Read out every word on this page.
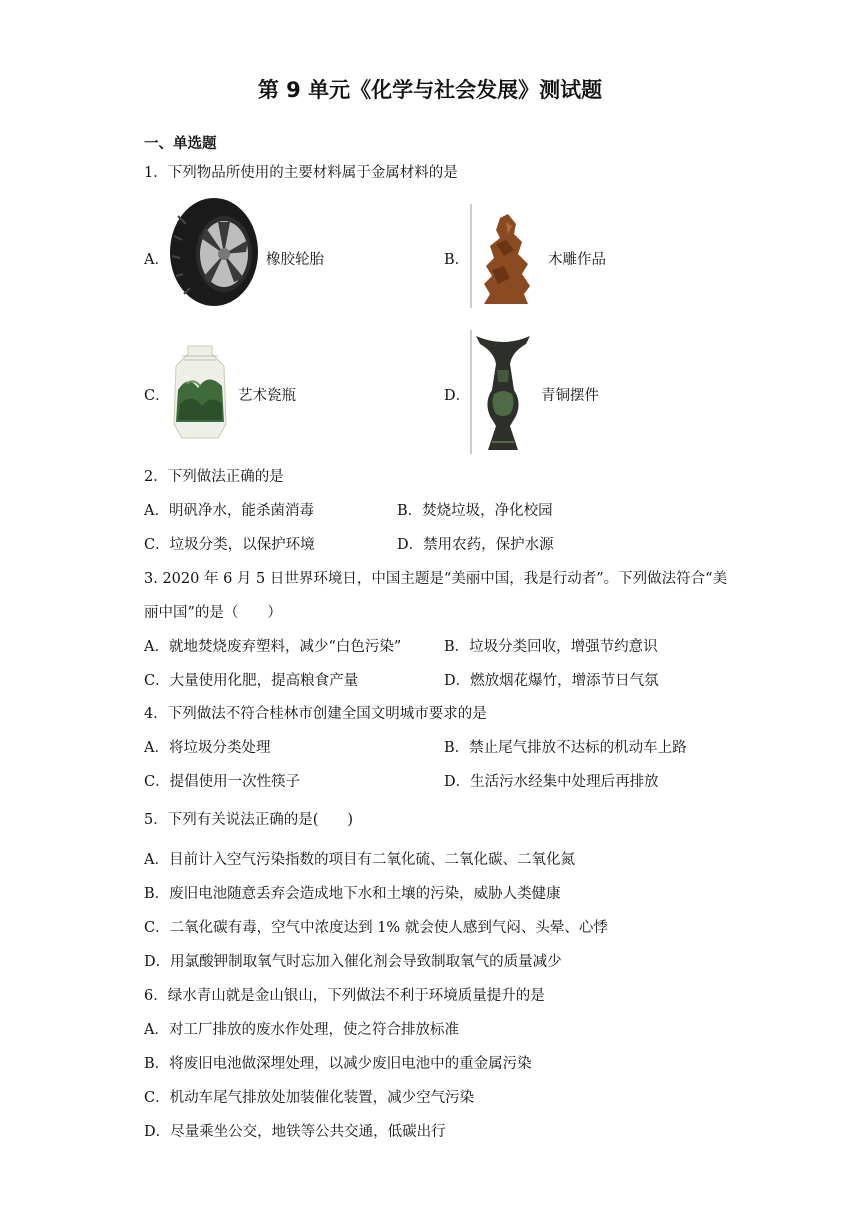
第 9 单元《化学与社会发展》测试题
一、单选题
1．下列物品所使用的主要材料属于金属材料的是
A．	橡胶轮胎	B．	木雕作品
C．	艺术瓷瓶	D．	青铜摆件
2．下列做法正确的是
A．明矾净水，能杀菌消毒	B．焚烧垃圾，净化校园
C．垃圾分类，以保护环境	D．禁用农药，保护水源
3. 2020 年 6 月 5 日世界环境日，中国主题是“美丽中国，我是行动者”。下列做法符合“美
丽中国”的是（　　）
A．就地焚烧废弃塑料，减少“白色污染”	B．垃圾分类回收，增强节约意识
C．大量使用化肥，提高粮食产量	D．燃放烟花爆竹，增添节日气氛
4．下列做法不符合桂林市创建全国文明城市要求的是
A．将垃圾分类处理	B．禁止尾气排放不达标的机动车上路
C．提倡使用一次性筷子	D．生活污水经集中处理后再排放
5．下列有关说法正确的是(　　)
A．目前计入空气污染指数的项目有二氧化硫、二氧化碳、二氧化氮
B．废旧电池随意丢弃会造成地下水和土壤的污染，威胁人类健康
C．二氧化碳有毒，空气中浓度达到 1% 就会使人感到气闷、头晕、心悸
D．用氯酸钾制取氧气时忘加入催化剂会导致制取氧气的质量减少
6．绿水青山就是金山银山，下列做法不利于环境质量提升的是
A．对工厂排放的废水作处理，使之符合排放标准
B．将废旧电池做深埋处理，以减少废旧电池中的重金属污染
C．机动车尾气排放处加装催化装置，减少空气污染
D．尽量乘坐公交，地铁等公共交通，低碳出行
